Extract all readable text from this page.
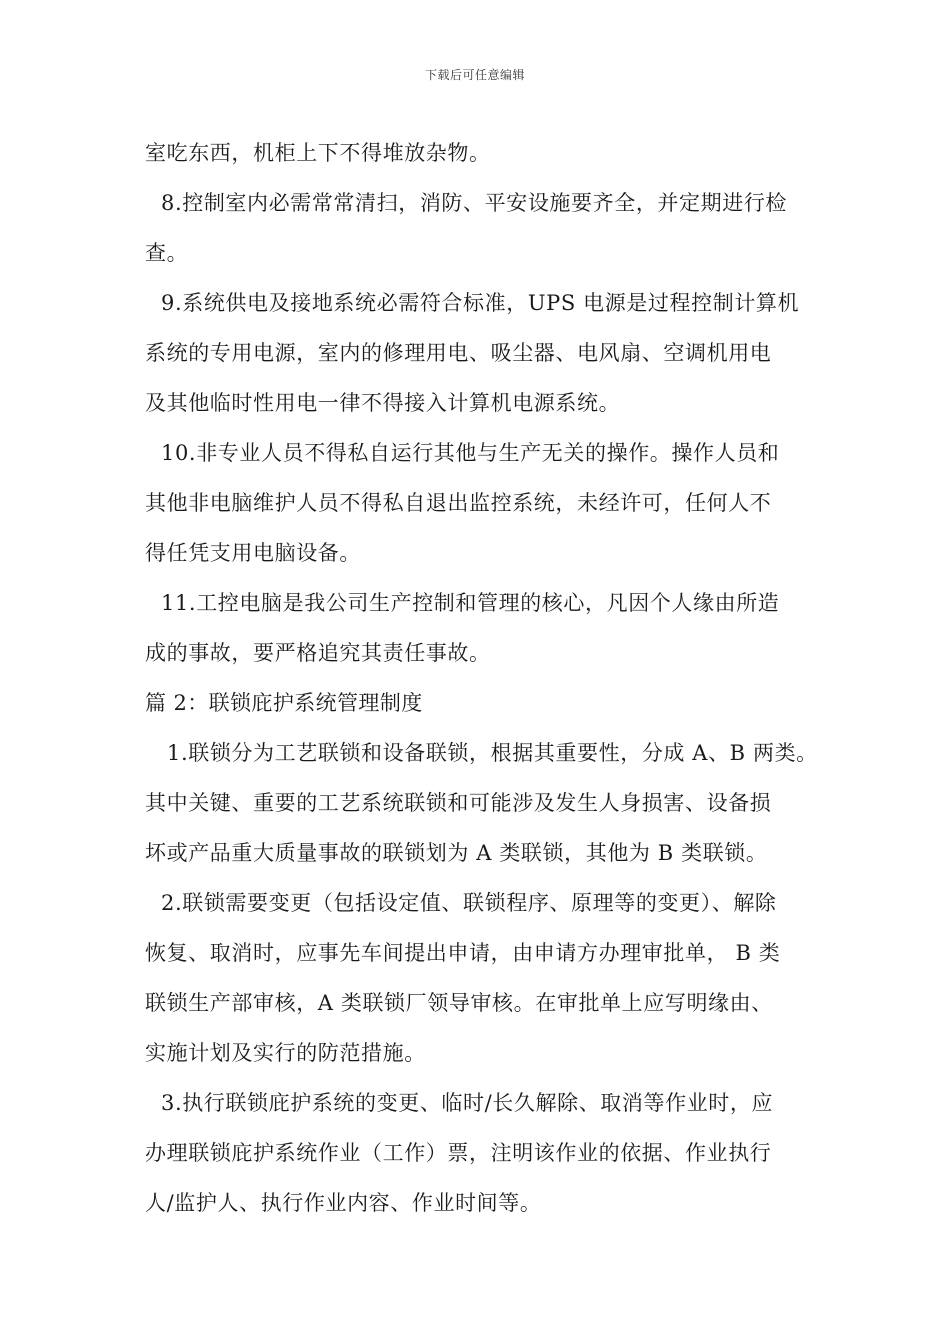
下载后可任意编辑
室吃东西，机柜上下不得堆放杂物。
8.控制室内必需常常清扫，消防、平安设施要齐全，并定期进行检
查。
9.系统供电及接地系统必需符合标准，UPS 电源是过程控制计算机
系统的专用电源，室内的修理用电、吸尘器、电风扇、空调机用电
及其他临时性用电一律不得接入计算机电源系统。
10.非专业人员不得私自运行其他与生产无关的操作。操作人员和
其他非电脑维护人员不得私自退出监控系统，未经许可，任何人不
得任凭支用电脑设备。
11.工控电脑是我公司生产控制和管理的核心，凡因个人缘由所造
成的事故，要严格追究其责任事故。
篇 2：联锁庇护系统管理制度
1.联锁分为工艺联锁和设备联锁，根据其重要性，分成 A、B 两类。
其中关键、重要的工艺系统联锁和可能涉及发生人身损害、设备损
坏或产品重大质量事故的联锁划为 A 类联锁，其他为 B 类联锁。
2.联锁需要变更（包括设定值、联锁程序、原理等的变更）、解除
恢复、取消时，应事先车间提出申请，由申请方办理审批单， B 类
联锁生产部审核，A 类联锁厂领导审核。在审批单上应写明缘由、
实施计划及实行的防范措施。
3.执行联锁庇护系统的变更、临时/长久解除、取消等作业时，应
办理联锁庇护系统作业（工作）票，注明该作业的依据、作业执行
人/监护人、执行作业内容、作业时间等。
